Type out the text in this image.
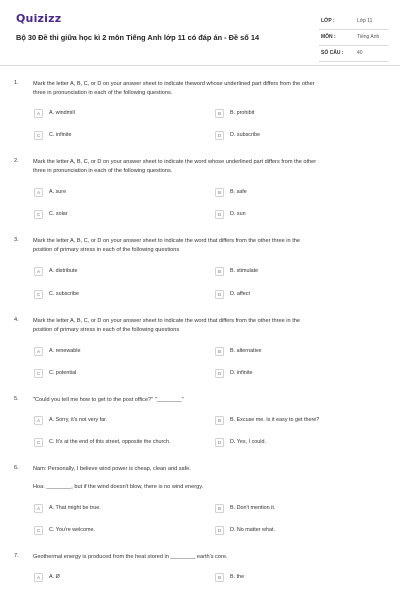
Quizizz
Bộ 30 Đề thi giữa học kì 2 môn Tiếng Anh lớp 11 có đáp án - Đề số 14
LỚP :	Lớp 11
MÔN :	Tiếng Anh
SỐ CÂU :	40
1.	Mark the letter A, B, C, or D on your answer sheet to indicate theword whose underlined part differs from the other
three in pronunciation in each of the following questions.
A	A. windmill	B	B. prohibit
C	C. infinite	D	D. subscribe
2.	Mark the letter A, B, C, or D on your answer sheet to indicate the word whose underlined part differs from the other
three in pronunciation in each of the following questions.
A	A. sure	B	B. safe
C	C. solar	D	D. sun
3.	Mark the letter A, B, C, or D on your answer sheet to indicate the word that differs from the other three in the
position of primary stress in each of the following questions
A	A. distribute	B	B. stimulate
C	C. subscribe	D	D. affect
4.	Mark the letter A, B, C, or D on your answer sheet to indicate the word that differs from the other three in the
position of primary stress in each of the following questions
A	A. renewable	B	B. alternative
C	C. potential	D	D. infinite
5.	"Could you tell me how to get to the post office?" "________"
A	A. Sorry, it's not very far.	B	B. Excuse me. Is it easy to get there?
C	C. It's at the end of this street, opposite the church.	D	D. Yes, I could.
6.	Nam: Personally, I believe wind power is cheap, clean and safe.
Hoa: ________, but if the wind doesn't blow, there is no wind energy.
A	A. That might be true.	B	B. Don't mention it.
C	C. You're welcome.	D	D. No matter what.
7.	Geothermal energy is produced from the heat stored in ________ earth's core.
A	A. Ø	B	B. the
